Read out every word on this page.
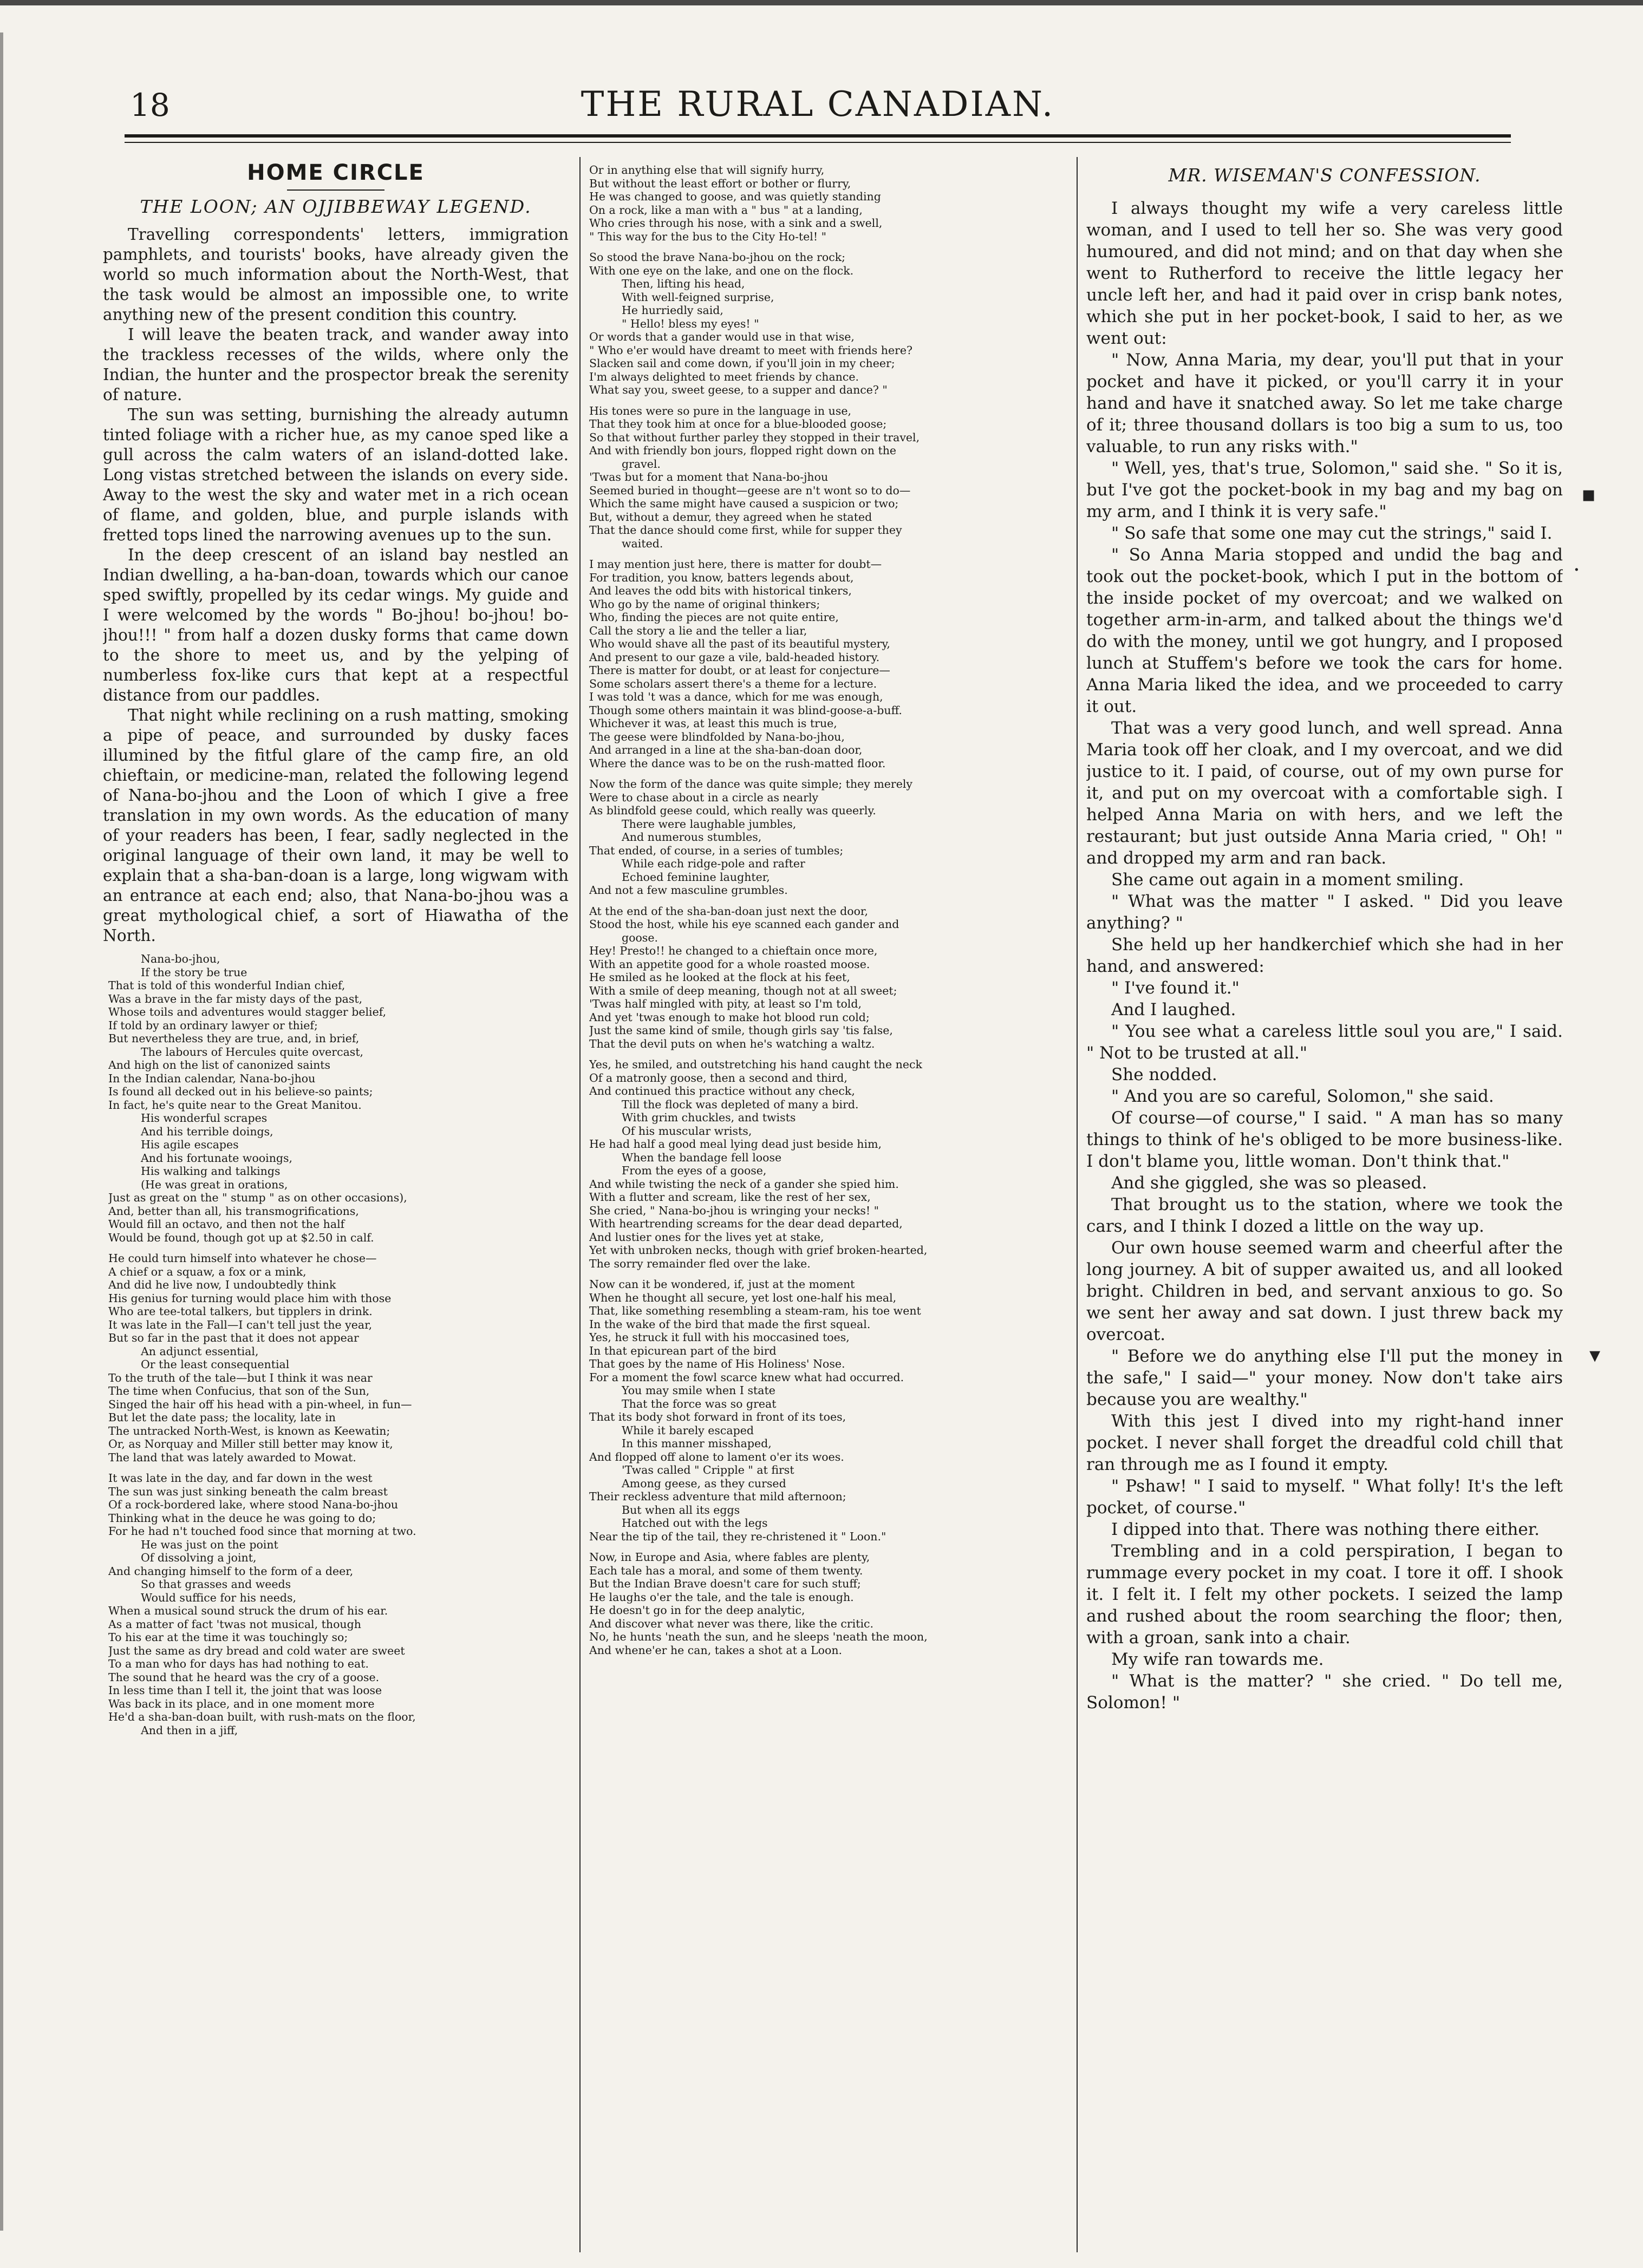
18	THE RURAL CANADIAN.
HOME CIRCLE
THE LOON; AN OJJIBBEWAY LEGEND.

Travelling correspondents' letters, immigration pamphlets, and tourists' books, have already given the world so much information about the North-West, that the task would be almost an impossible one, to write anything new of the present condition this country.

I will leave the beaten track, and wander away into the trackless recesses of the wilds, where only the Indian, the hunter and the prospector break the serenity of nature.

The sun was setting, burnishing the already autumn tinted foliage with a richer hue, as my canoe sped like a gull across the calm waters of an island-dotted lake. Long vistas stretched between the islands on every side. Away to the west the sky and water met in a rich ocean of flame, and golden, blue, and purple islands with fretted tops lined the narrowing avenues up to the sun.

In the deep crescent of an island bay nestled an Indian dwelling, a ha-ban-doan, towards which our canoe sped swiftly, propelled by its cedar wings. My guide and I were welcomed by the words " Bo-jhou! bo-jhou! bo-jhou!!! " from half a dozen dusky forms that came down to the shore to meet us, and by the yelping of numberless fox-like curs that kept at a respectful distance from our paddles.

That night while reclining on a rush matting, smoking a pipe of peace, and surrounded by dusky faces illumined by the fitful glare of the camp fire, an old chieftain, or medicine-man, related the following legend of Nana-bo-jhou and the Loon of which I give a free translation in my own words. As the education of many of your readers has been, I fear, sadly neglected in the original language of their own land, it may be well to explain that a sha-ban-doan is a large, long wigwam with an entrance at each end; also, that Nana-bo-jhou was a great mythological chief, a sort of Hiawatha of the North.

Nana-bo-jhou,
If the story be true
That is told of this wonderful Indian chief,
Was a brave in the far misty days of the past,
Whose toils and adventures would stagger belief,
If told by an ordinary lawyer or thief;
But nevertheless they are true, and, in brief,
The labours of Hercules quite overcast,
And high on the list of canonized saints
In the Indian calendar, Nana-bo-jhou
Is found all decked out in his believe-so paints;
In fact, he's quite near to the Great Manitou.
His wonderful scrapes
And his terrible doings,
His agile escapes
And his fortunate wooings,
His walking and talkings
(He was great in orations,
Just as great on the " stump " as on other occasions),
And, better than all, his transmogrifications,
Would fill an octavo, and then not the half
Would be found, though got up at $2.50 in calf.
He could turn himself into whatever he chose—
A chief or a squaw, a fox or a mink,
And did he live now, I undoubtedly think
His genius for turning would place him with those
Who are tee-total talkers, but tipplers in drink.
It was late in the Fall—I can't tell just the year,
But so far in the past that it does not appear
An adjunct essential,
Or the least consequential
To the truth of the tale—but I think it was near
The time when Confucius, that son of the Sun,
Singed the hair off his head with a pin-wheel, in fun—
But let the date pass; the locality, late in
The untracked North-West, is known as Keewatin;
Or, as Norquay and Miller still better may know it,
The land that was lately awarded to Mowat.
It was late in the day, and far down in the west
The sun was just sinking beneath the calm breast
Of a rock-bordered lake, where stood Nana-bo-jhou
Thinking what in the deuce he was going to do;
For he had n't touched food since that morning at two.
He was just on the point
Of dissolving a joint,
And changing himself to the form of a deer,
So that grasses and weeds
Would suffice for his needs,
When a musical sound struck the drum of his ear.
As a matter of fact 'twas not musical, though
To his ear at the time it was touchingly so;
Just the same as dry bread and cold water are sweet
To a man who for days has had nothing to eat.
The sound that he heard was the cry of a goose.
In less time than I tell it, the joint that was loose
Was back in its place, and in one moment more
He'd a sha-ban-doan built, with rush-mats on the floor,
And then in a jiff,
Or in anything else that will signify hurry,
But without the least effort or bother or flurry,
He was changed to goose, and was quietly standing
On a rock, like a man with a " bus " at a landing,
Who cries through his nose, with a sink and a swell,
" This way for the bus to the City Ho-tel! "
So stood the brave Nana-bo-jhou on the rock;
With one eye on the lake, and one on the flock.
Then, lifting his head,
With well-feigned surprise,
He hurriedly said,
" Hello! bless my eyes! "
Or words that a gander would use in that wise,
" Who e'er would have dreamt to meet with friends here?
Slacken sail and come down, if you'll join in my cheer;
I'm always delighted to meet friends by chance.
What say you, sweet geese, to a supper and dance? "
His tones were so pure in the language in use,
That they took him at once for a blue-blooded goose;
So that without further parley they stopped in their travel,
And with friendly bon jours, flopped right down on the
gravel.
'Twas but for a moment that Nana-bo-jhou
Seemed buried in thought—geese are n't wont so to do—
Which the same might have caused a suspicion or two;
But, without a demur, they agreed when he stated
That the dance should come first, while for supper they
waited.
I may mention just here, there is matter for doubt—
For tradition, you know, batters legends about,
And leaves the odd bits with historical tinkers,
Who go by the name of original thinkers;
Who, finding the pieces are not quite entire,
Call the story a lie and the teller a liar,
Who would shave all the past of its beautiful mystery,
And present to our gaze a vile, bald-headed history.
There is matter for doubt, or at least for conjecture—
Some scholars assert there's a theme for a lecture.
I was told 't was a dance, which for me was enough,
Though some others maintain it was blind-goose-a-buff.
Whichever it was, at least this much is true,
The geese were blindfolded by Nana-bo-jhou,
And arranged in a line at the sha-ban-doan door,
Where the dance was to be on the rush-matted floor.
Now the form of the dance was quite simple; they merely
Were to chase about in a circle as nearly
As blindfold geese could, which really was queerly.
There were laughable jumbles,
And numerous stumbles,
That ended, of course, in a series of tumbles;
While each ridge-pole and rafter
Echoed feminine laughter,
And not a few masculine grumbles.
At the end of the sha-ban-doan just next the door,
Stood the host, while his eye scanned each gander and
goose.
Hey! Presto!! he changed to a chieftain once more,
With an appetite good for a whole roasted moose.
He smiled as he looked at the flock at his feet,
With a smile of deep meaning, though not at all sweet;
'Twas half mingled with pity, at least so I'm told,
And yet 'twas enough to make hot blood run cold;
Just the same kind of smile, though girls say 'tis false,
That the devil puts on when he's watching a waltz.
Yes, he smiled, and outstretching his hand caught the neck
Of a matronly goose, then a second and third,
And continued this practice without any check,
Till the flock was depleted of many a bird.
With grim chuckles, and twists
Of his muscular wrists,
He had half a good meal lying dead just beside him,
When the bandage fell loose
From the eyes of a goose,
And while twisting the neck of a gander she spied him.
With a flutter and scream, like the rest of her sex,
She cried, " Nana-bo-jhou is wringing your necks! "
With heartrending screams for the dear dead departed,
And lustier ones for the lives yet at stake,
Yet with unbroken necks, though with grief broken-hearted,
The sorry remainder fled over the lake.
Now can it be wondered, if, just at the moment
When he thought all secure, yet lost one-half his meal,
That, like something resembling a steam-ram, his toe went
In the wake of the bird that made the first squeal.
Yes, he struck it full with his moccasined toes,
In that epicurean part of the bird
That goes by the name of His Holiness' Nose.
For a moment the fowl scarce knew what had occurred.
You may smile when I state
That the force was so great
That its body shot forward in front of its toes,
While it barely escaped
In this manner misshaped,
And flopped off alone to lament o'er its woes.
'Twas called " Cripple " at first
Among geese, as they cursed
Their reckless adventure that mild afternoon;
But when all its eggs
Hatched out with the legs
Near the tip of the tail, they re-christened it " Loon."
Now, in Europe and Asia, where fables are plenty,
Each tale has a moral, and some of them twenty.
But the Indian Brave doesn't care for such stuff;
He laughs o'er the tale, and the tale is enough.
He doesn't go in for the deep analytic,
And discover what never was there, like the critic.
No, he hunts 'neath the sun, and he sleeps 'neath the moon,
And whene'er he can, takes a shot at a Loon.
MR. WISEMAN'S CONFESSION.

I always thought my wife a very careless little woman, and I used to tell her so. She was very good humoured, and did not mind; and on that day when she went to Rutherford to receive the little legacy her uncle left her, and had it paid over in crisp bank notes, which she put in her pocket-book, I said to her, as we went out:

" Now, Anna Maria, my dear, you'll put that in your pocket and have it picked, or you'll carry it in your hand and have it snatched away. So let me take charge of it; three thousand dollars is too big a sum to us, too valuable, to run any risks with."

" Well, yes, that's true, Solomon," said she. " So it is, but I've got the pocket-book in my bag and my bag on my arm, and I think it is very safe."

" So safe that some one may cut the strings," said I.

" So Anna Maria stopped and undid the bag and took out the pocket-book, which I put in the bottom of the inside pocket of my overcoat; and we walked on together arm-in-arm, and talked about the things we'd do with the money, until we got hungry, and I proposed lunch at Stuffem's before we took the cars for home. Anna Maria liked the idea, and we proceeded to carry it out.

That was a very good lunch, and well spread. Anna Maria took off her cloak, and I my overcoat, and we did justice to it. I paid, of course, out of my own purse for it, and put on my overcoat with a comfortable sigh. I helped Anna Maria on with hers, and we left the restaurant; but just outside Anna Maria cried, " Oh! " and dropped my arm and ran back.

She came out again in a moment smiling.

" What was the matter " I asked. " Did you leave anything? "

She held up her handkerchief which she had in her hand, and answered:

" I've found it."

And I laughed.

" You see what a careless little soul you are," I said. " Not to be trusted at all."

She nodded.

" And you are so careful, Solomon," she said.

Of course—of course," I said. " A man has so many things to think of he's obliged to be more business-like. I don't blame you, little woman. Don't think that."

And she giggled, she was so pleased.

That brought us to the station, where we took the cars, and I think I dozed a little on the way up.

Our own house seemed warm and cheerful after the long journey. A bit of supper awaited us, and all looked bright. Children in bed, and servant anxious to go. So we sent her away and sat down. I just threw back my overcoat.

" Before we do anything else I'll put the money in the safe," I said—" your money. Now don't take airs because you are wealthy."

With this jest I dived into my right-hand inner pocket. I never shall forget the dreadful cold chill that ran through me as I found it empty.

" Pshaw! " I said to myself. " What folly! It's the left pocket, of course."

I dipped into that. There was nothing there either.

Trembling and in a cold perspiration, I began to rummage every pocket in my coat. I tore it off. I shook it. I felt it. I felt my other pockets. I seized the lamp and rushed about the room searching the floor; then, with a groan, sank into a chair.

My wife ran towards me.

" What is the matter? " she cried. " Do tell me, Solomon! "

▪
·
▾
